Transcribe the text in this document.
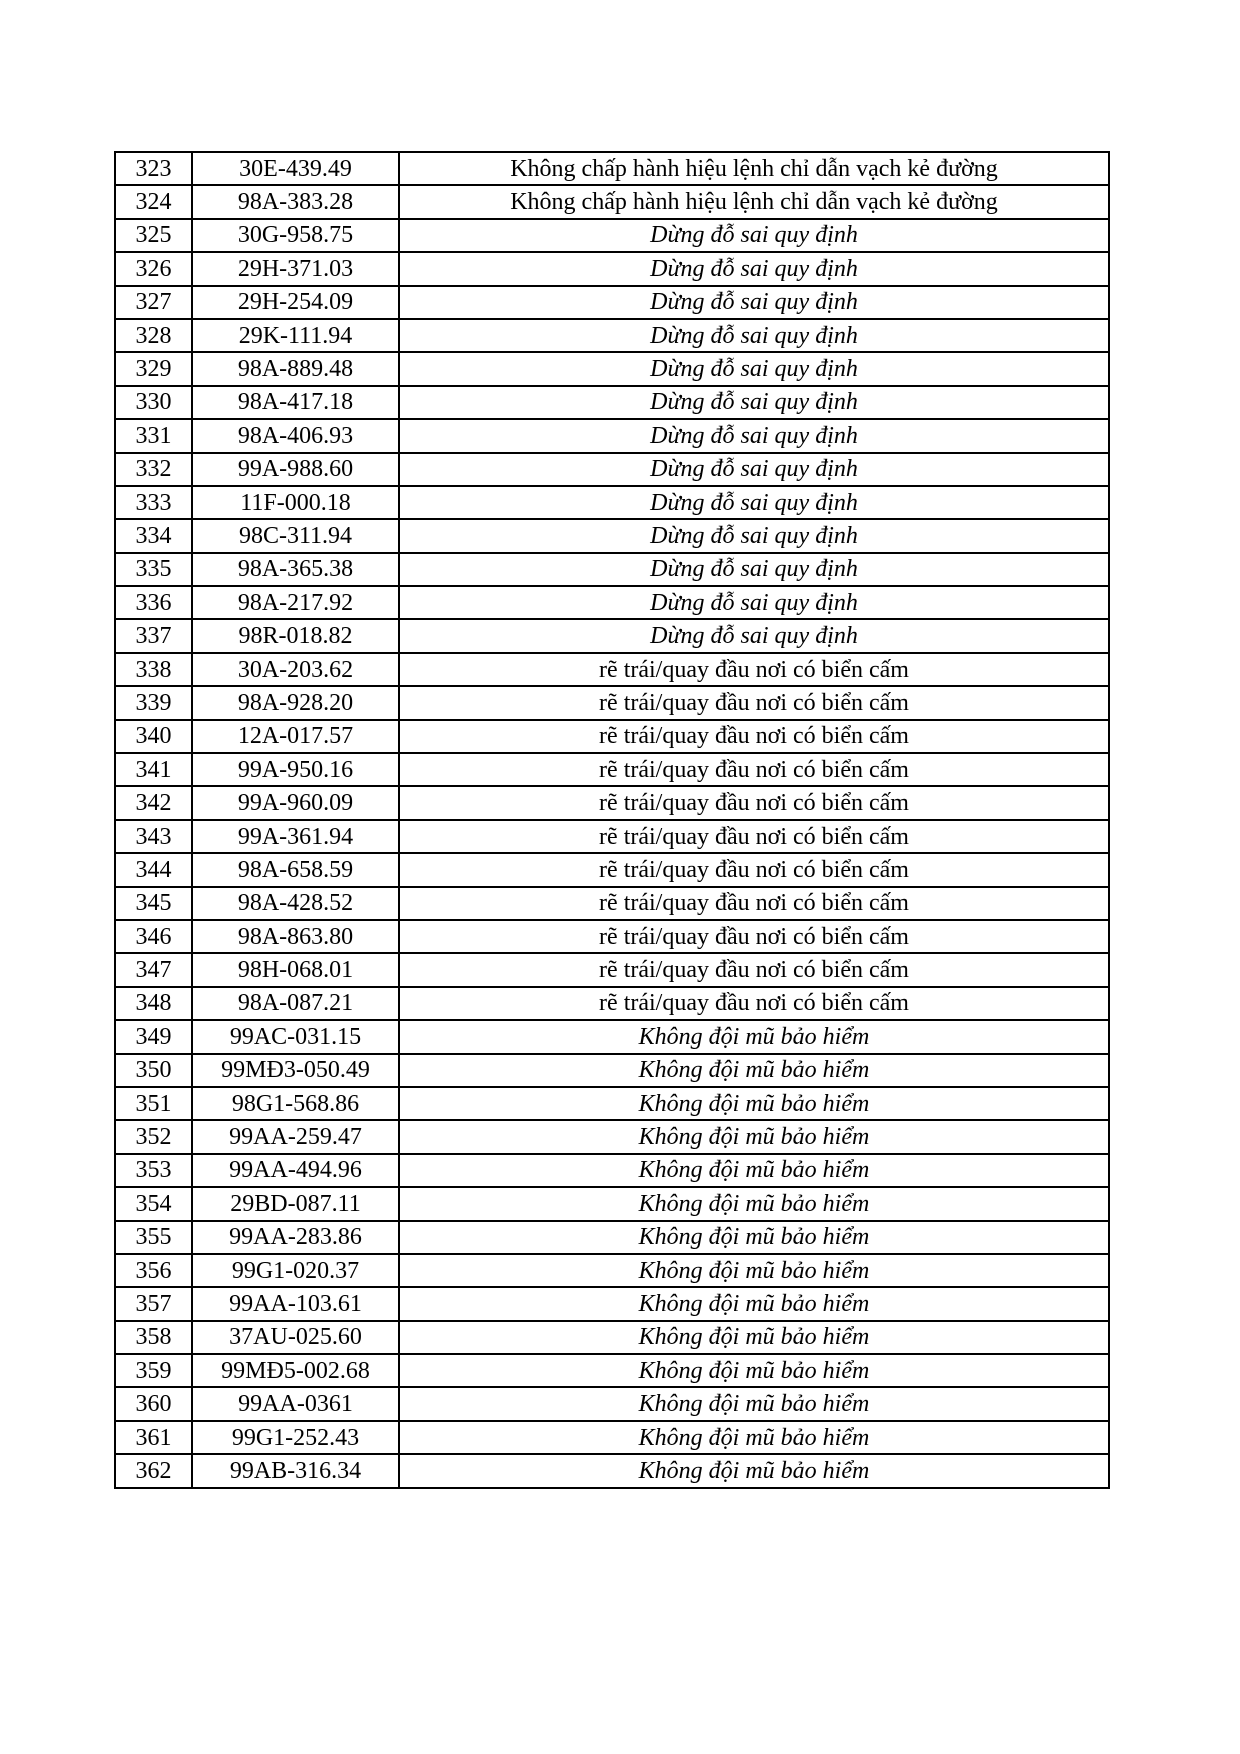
323	30E-439.49	Không chấp hành hiệu lệnh chỉ dẫn vạch kẻ đường
324	98A-383.28	Không chấp hành hiệu lệnh chỉ dẫn vạch kẻ đường
325	30G-958.75	Dừng đỗ sai quy định
326	29H-371.03	Dừng đỗ sai quy định
327	29H-254.09	Dừng đỗ sai quy định
328	29K-111.94	Dừng đỗ sai quy định
329	98A-889.48	Dừng đỗ sai quy định
330	98A-417.18	Dừng đỗ sai quy định
331	98A-406.93	Dừng đỗ sai quy định
332	99A-988.60	Dừng đỗ sai quy định
333	11F-000.18	Dừng đỗ sai quy định
334	98C-311.94	Dừng đỗ sai quy định
335	98A-365.38	Dừng đỗ sai quy định
336	98A-217.92	Dừng đỗ sai quy định
337	98R-018.82	Dừng đỗ sai quy định
338	30A-203.62	rẽ trái/quay đầu nơi có biển cấm
339	98A-928.20	rẽ trái/quay đầu nơi có biển cấm
340	12A-017.57	rẽ trái/quay đầu nơi có biển cấm
341	99A-950.16	rẽ trái/quay đầu nơi có biển cấm
342	99A-960.09	rẽ trái/quay đầu nơi có biển cấm
343	99A-361.94	rẽ trái/quay đầu nơi có biển cấm
344	98A-658.59	rẽ trái/quay đầu nơi có biển cấm
345	98A-428.52	rẽ trái/quay đầu nơi có biển cấm
346	98A-863.80	rẽ trái/quay đầu nơi có biển cấm
347	98H-068.01	rẽ trái/quay đầu nơi có biển cấm
348	98A-087.21	rẽ trái/quay đầu nơi có biển cấm
349	99AC-031.15	Không đội mũ bảo hiểm
350	99MĐ3-050.49	Không đội mũ bảo hiểm
351	98G1-568.86	Không đội mũ bảo hiểm
352	99AA-259.47	Không đội mũ bảo hiểm
353	99AA-494.96	Không đội mũ bảo hiểm
354	29BD-087.11	Không đội mũ bảo hiểm
355	99AA-283.86	Không đội mũ bảo hiểm
356	99G1-020.37	Không đội mũ bảo hiểm
357	99AA-103.61	Không đội mũ bảo hiểm
358	37AU-025.60	Không đội mũ bảo hiểm
359	99MĐ5-002.68	Không đội mũ bảo hiểm
360	99AA-0361	Không đội mũ bảo hiểm
361	99G1-252.43	Không đội mũ bảo hiểm
362	99AB-316.34	Không đội mũ bảo hiểm
